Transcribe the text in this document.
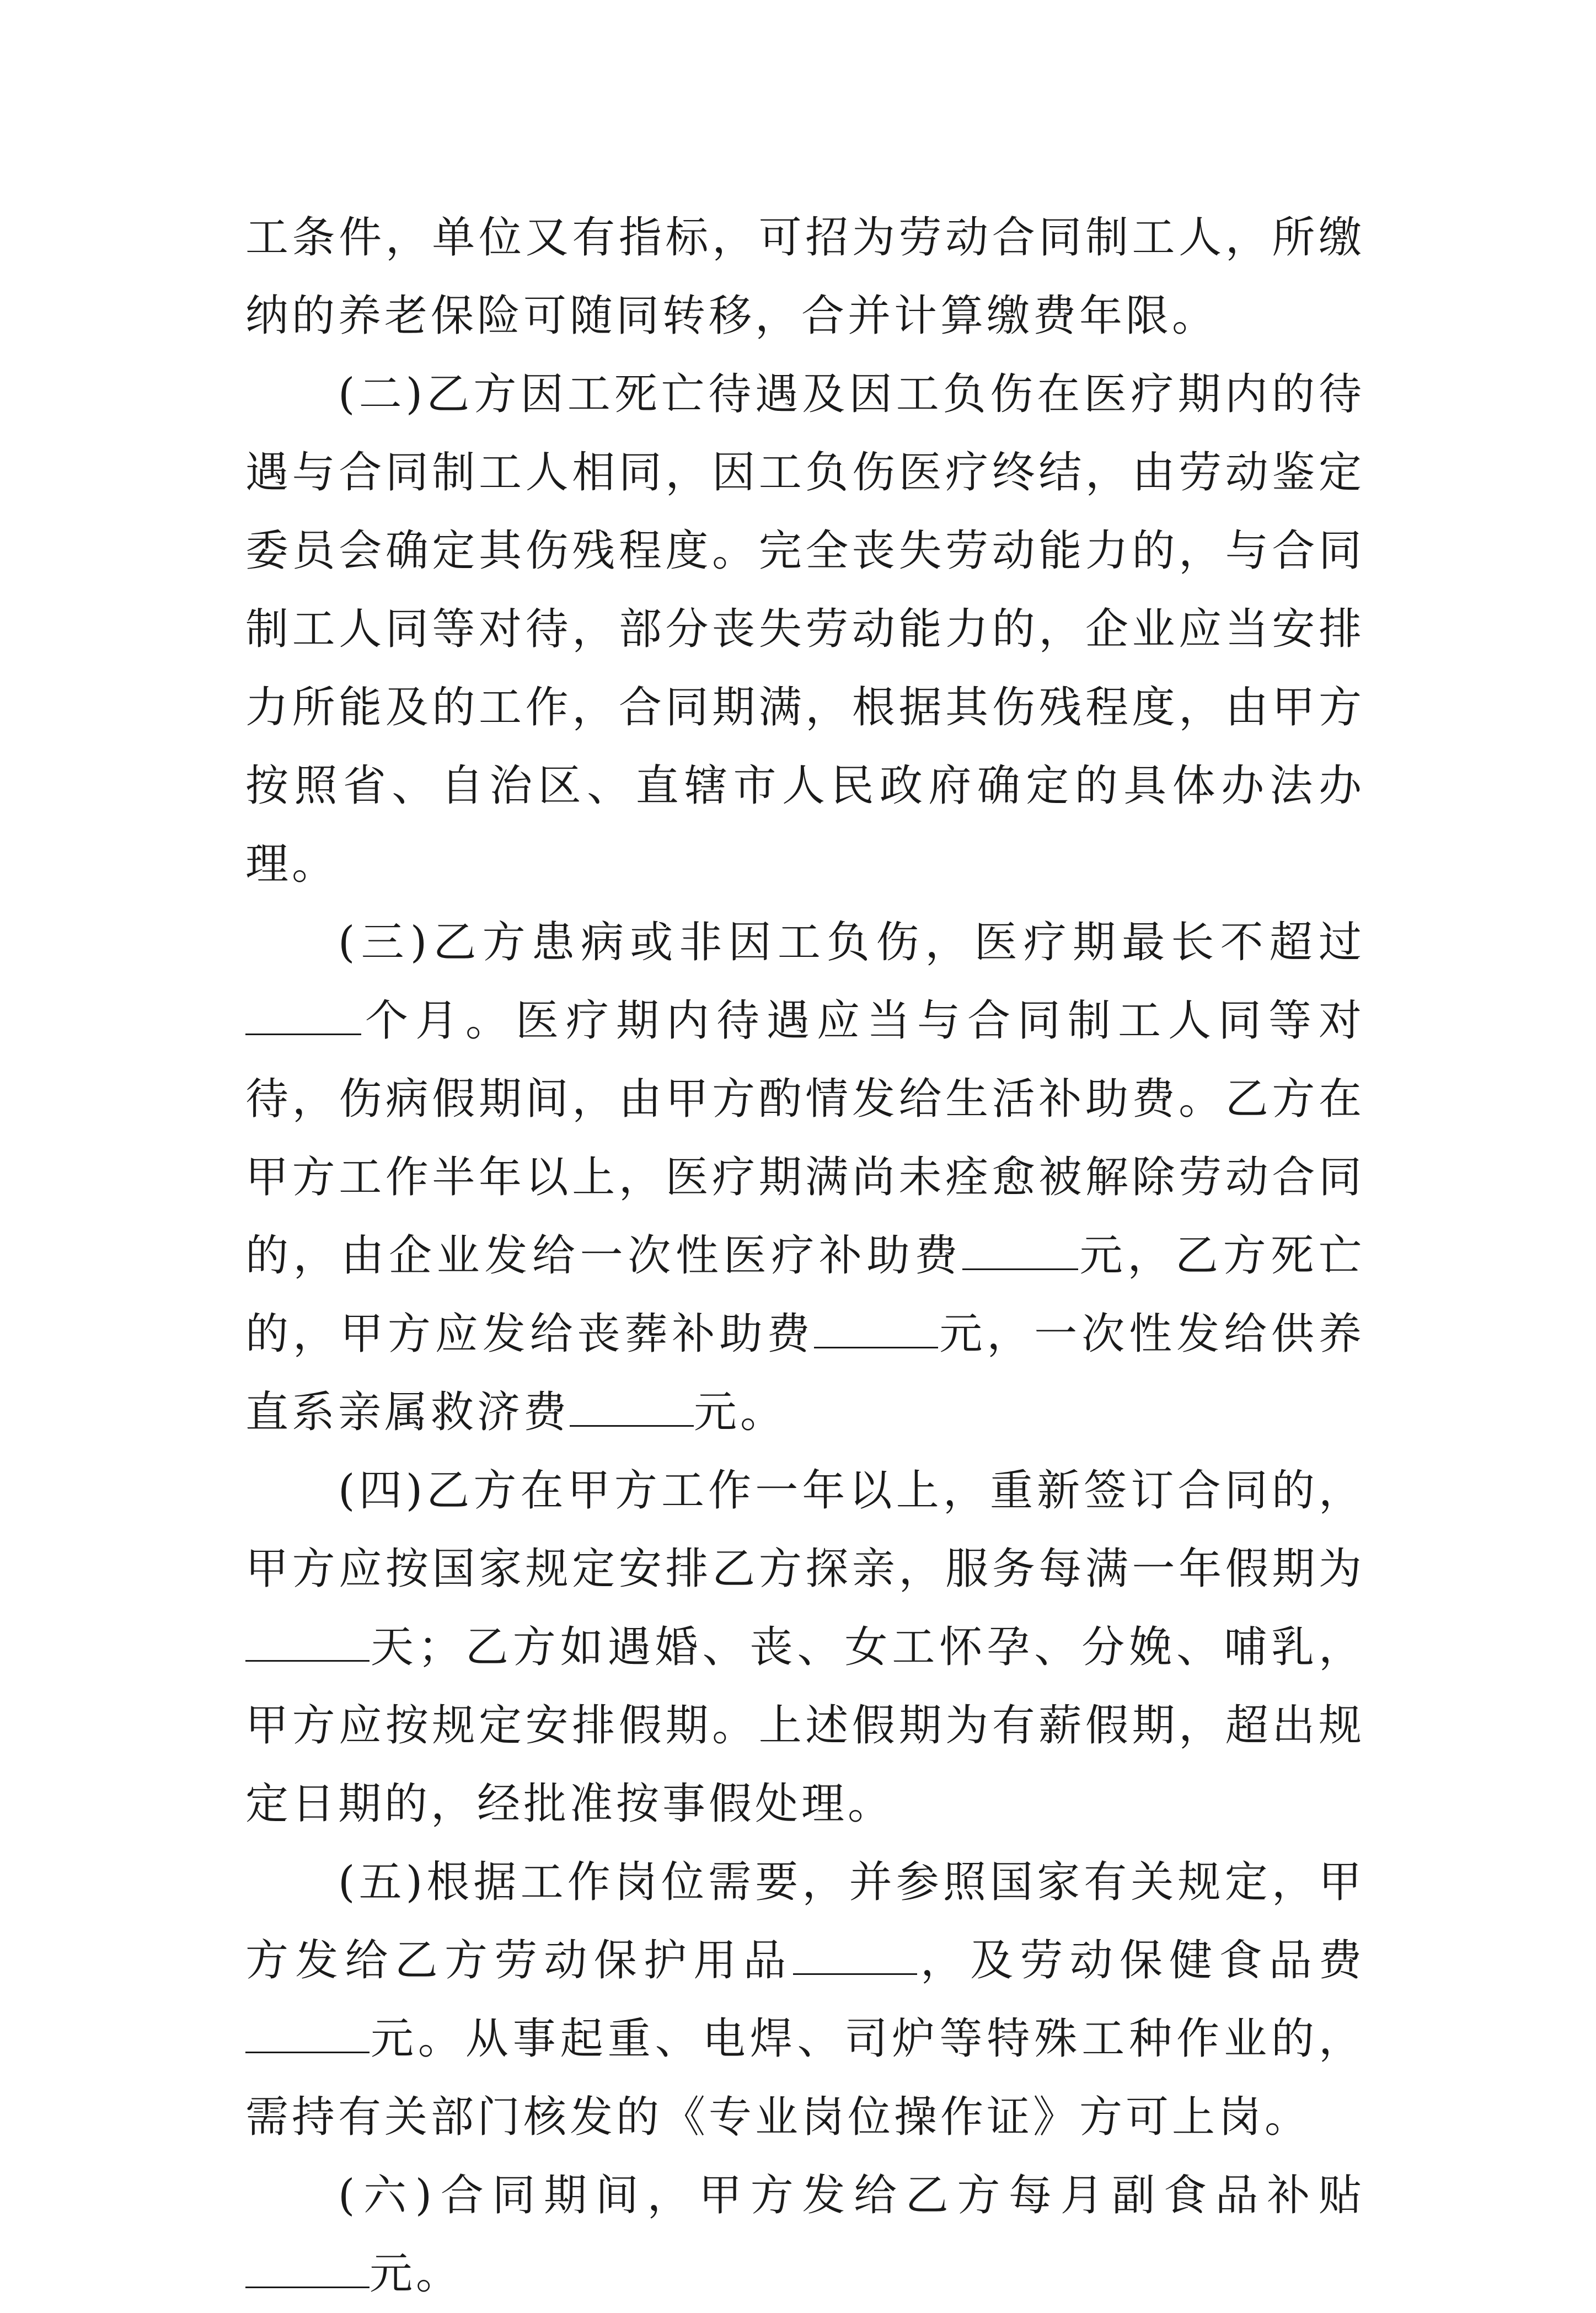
工条件，单位又有指标，可招为劳动合同制工人，所缴纳的养老保险可随同转移，合并计算缴费年限。

(二)乙方因工死亡待遇及因工负伤在医疗期内的待遇与合同制工人相同，因工负伤医疗终结，由劳动鉴定委员会确定其伤残程度。完全丧失劳动能力的，与合同制工人同等对待，部分丧失劳动能力的，企业应当安排力所能及的工作，合同期满，根据其伤残程度，由甲方按照省、自治区、直辖市人民政府确定的具体办法办理。

(三)乙方患病或非因工负伤，医疗期最长不超过个月。医疗期内待遇应当与合同制工人同等对待，伤病假期间，由甲方酌情发给生活补助费。乙方在甲方工作半年以上，医疗期满尚未痊愈被解除劳动合同的，由企业发给一次性医疗补助费	元，乙方死亡的，甲方应发给丧葬补助费	元，一次性发给供养直系亲属救济费	元。

(四)乙方在甲方工作一年以上，重新签订合同的，甲方应按国家规定安排乙方探亲，服务每满一年假期为天；乙方如遇婚、丧、女工怀孕、分娩、哺乳，甲方应按规定安排假期。上述假期为有薪假期，超出规定日期的，经批准按事假处理。

(五)根据工作岗位需要，并参照国家有关规定，甲方发给乙方劳动保护用品	，及劳动保健食品费元。从事起重、电焊、司炉等特殊工种作业的，需持有关部门核发的《专业岗位操作证》方可上岗。

(六)合同期间，甲方发给乙方每月副食品补贴元。
